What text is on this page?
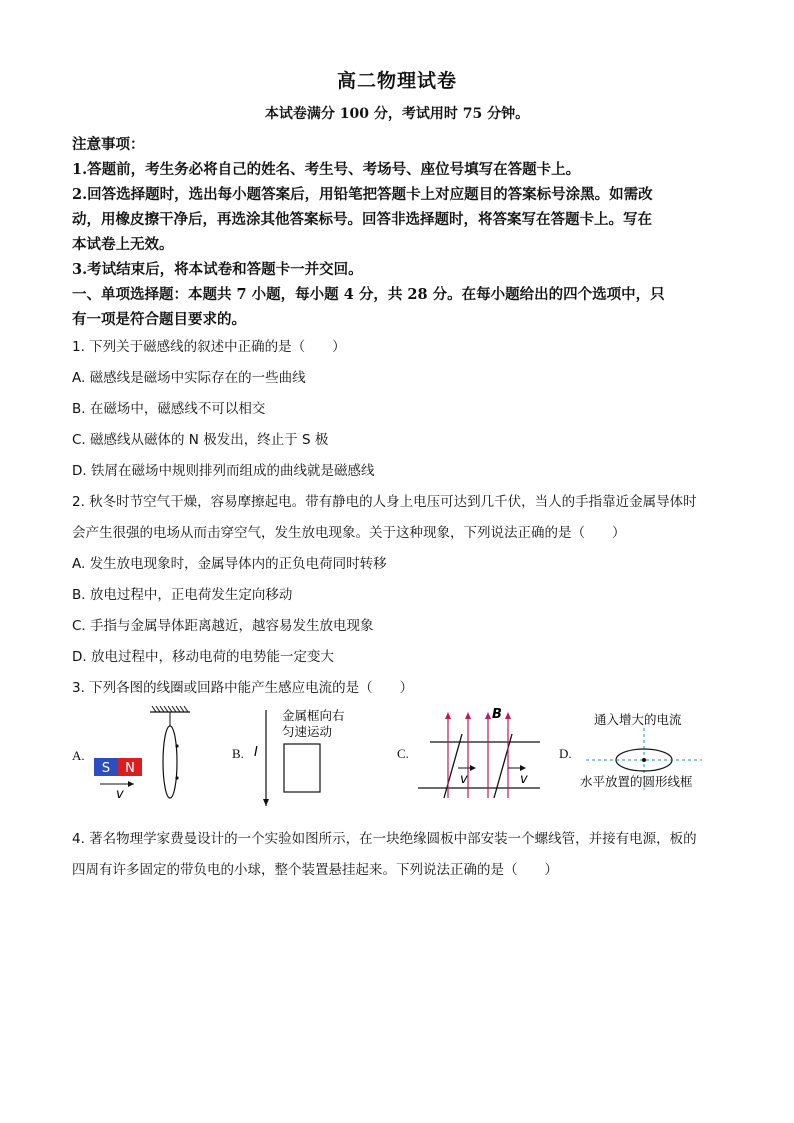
高二物理试卷

本试卷满分 100 分，考试用时 75 分钟。

注意事项：

1.答题前，考生务必将自己的姓名、考生号、考场号、座位号填写在答题卡上。

2.回答选择题时，选出每小题答案后，用铅笔把答题卡上对应题目的答案标号涂黑。如需改

动，用橡皮擦干净后，再选涂其他答案标号。回答非选择题时，将答案写在答题卡上。写在

本试卷上无效。

3.考试结束后，将本试卷和答题卡一并交回。

一、单项选择题：本题共 7 小题，每小题 4 分，共 28 分。在每小题给出的四个选项中，只

有一项是符合题目要求的。

1. 下列关于磁感线的叙述中正确的是（　　）

A. 磁感线是磁场中实际存在的一些曲线

B. 在磁场中，磁感线不可以相交

C. 磁感线从磁体的 N 极发出，终止于 S 极

D. 铁屑在磁场中规则排列而组成的曲线就是磁感线

2. 秋冬时节空气干燥，容易摩擦起电。带有静电的人身上电压可达到几千伏，当人的手指靠近金属导体时

会产生很强的电场从而击穿空气，发生放电现象。关于这种现象，下列说法正确的是（　　）

A. 发生放电现象时，金属导体内的正负电荷同时转移

B. 放电过程中，正电荷发生定向移动

C. 手指与金属导体距离越近，越容易发生放电现象

D. 放电过程中，移动电荷的电势能一定变大

3. 下列各图的线圈或回路中能产生感应电流的是（　　）

A.
S N
v
B. I
金属框向右
匀速运动
C.
B
v	v
D.
通入增大的电流
水平放置的圆形线框

4. 著名物理学家费曼设计的一个实验如图所示，在一块绝缘圆板中部安装一个螺线管，并接有电源，板的

四周有许多固定的带负电的小球，整个装置悬挂起来。下列说法正确的是（　　）
